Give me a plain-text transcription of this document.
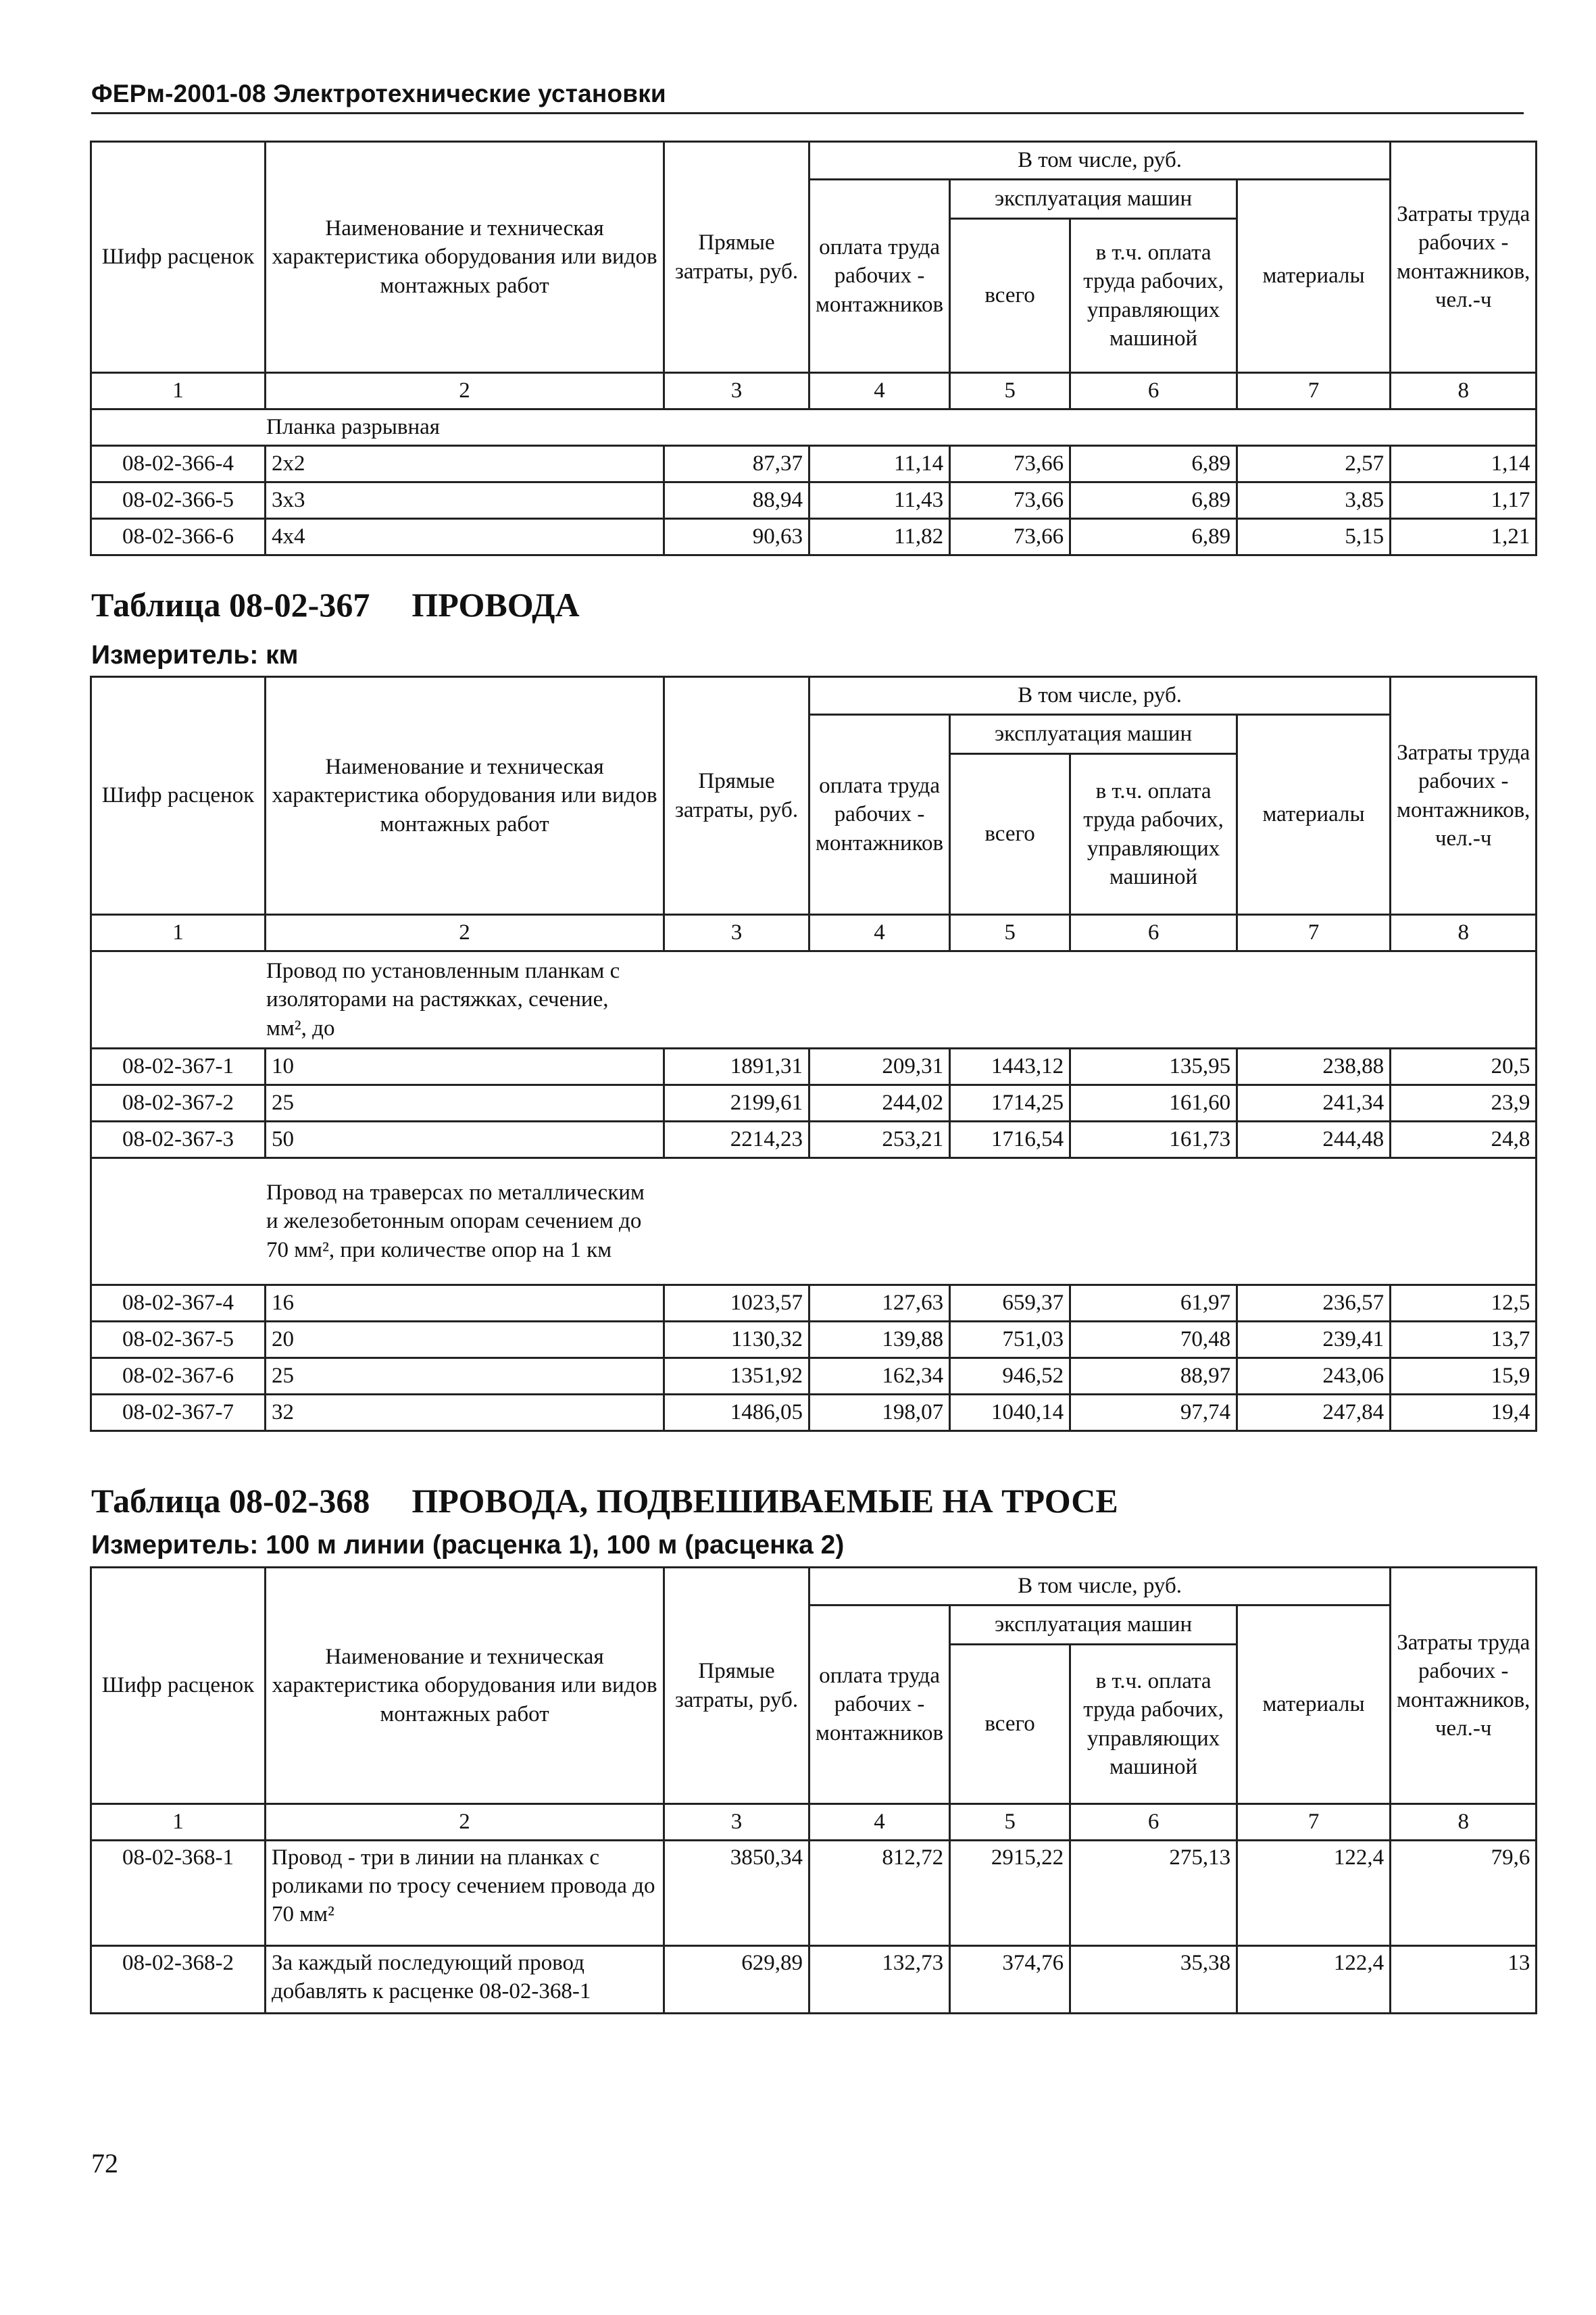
ФЕРм-2001-08 Электротехнические установки
Шифр расценок	Наименование и техническая характеристика оборудования или видов монтажных работ	Прямые затраты, руб.	В том числе, руб.				Затраты труда рабочих - монтажников, чел.-ч
			оплата труда рабочих - монтажников	эксплуатация машин		материалы	
				всего	в т.ч. оплата труда рабочих, управляющих машиной		
1	2	3	4	5	6	7	8
Планка разрывная							
08-02-366-4	2x2	87,37	11,14	73,66	6,89	2,57	1,14
08-02-366-5	3x3	88,94	11,43	73,66	6,89	3,85	1,17
08-02-366-6	4x4	90,63	11,82	73,66	6,89	5,15	1,21
Таблица 08-02-367 ПРОВОДА
Измеритель: км
Шифр расценок	Наименование и техническая характеристика оборудования или видов монтажных работ	Прямые затраты, руб.	В том числе, руб.				Затраты труда рабочих - монтажников, чел.-ч
			оплата труда рабочих - монтажников	эксплуатация машин		материалы	
				всего	в т.ч. оплата труда рабочих, управляющих машиной		
1	2	3	4	5	6	7	8

Провод по установленным планкам с изоляторами на растяжках, сечение, мм², до							

08-02-367-1	10	1891,31	209,31	1443,12	135,95	238,88	20,5
08-02-367-2	25	2199,61	244,02	1714,25	161,60	241,34	23,9
08-02-367-3	50	2214,23	253,21	1716,54	161,73	244,48	24,8

Провод на траверсах по металлическим и железобетонным опорам сечением до 70 мм², при количестве опор на 1 км							

08-02-367-4	16	1023,57	127,63	659,37	61,97	236,57	12,5
08-02-367-5	20	1130,32	139,88	751,03	70,48	239,41	13,7
08-02-367-6	25	1351,92	162,34	946,52	88,97	243,06	15,9
08-02-367-7	32	1486,05	198,07	1040,14	97,74	247,84	19,4
Таблица 08-02-368 ПРОВОДА, ПОДВЕШИВАЕМЫЕ НА ТРОСЕ
Измеритель: 100 м линии (расценка 1), 100 м (расценка 2)
Шифр расценок	Наименование и техническая характеристика оборудования или видов монтажных работ	Прямые затраты, руб.	В том числе, руб.				Затраты труда рабочих - монтажников, чел.-ч
			оплата труда рабочих - монтажников	эксплуатация машин		материалы	
				всего	в т.ч. оплата труда рабочих, управляющих машиной		
1	2	3	4	5	6	7	8
08-02-368-1	Провод - три в линии на планках с роликами по тросу сечением провода до 70 мм²	3850,34	812,72	2915,22	275,13	122,4	79,6
08-02-368-2	За каждый последующий провод добавлять к расценке 08-02-368-1	629,89	132,73	374,76	35,38	122,4	13
72
